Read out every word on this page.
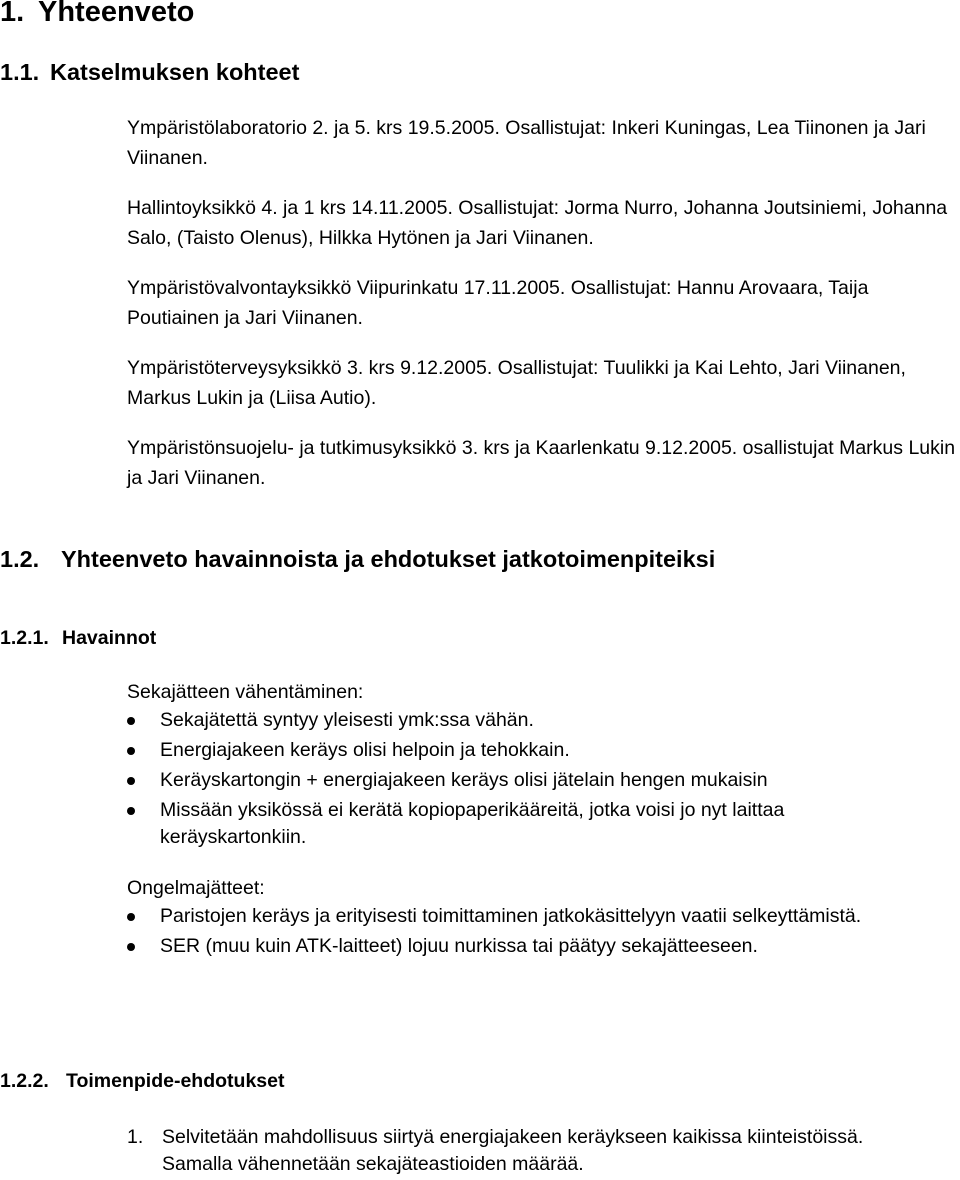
1. Yhteenveto
1.1. Katselmuksen kohteet

Ympäristölaboratorio 2. ja 5. krs 19.5.2005. Osallistujat: Inkeri Kuningas, Lea Tiinonen ja Jari Viinanen.

Hallintoyksikkö 4. ja 1 krs 14.11.2005. Osallistujat: Jorma Nurro, Johanna Joutsiniemi, Johanna Salo, (Taisto Olenus), Hilkka Hytönen ja Jari Viinanen.

Ympäristövalvontayksikkö Viipurinkatu 17.11.2005. Osallistujat: Hannu Arovaara, Taija Poutiainen ja Jari Viinanen.

Ympäristöterveysyksikkö 3. krs 9.12.2005. Osallistujat: Tuulikki ja Kai Lehto, Jari Viinanen, Markus Lukin ja (Liisa Autio).

Ympäristönsuojelu- ja tutkimusyksikkö 3. krs ja Kaarlenkatu 9.12.2005. osallistujat Markus Lukin ja Jari Viinanen.

1.2. Yhteenveto havainnoista ja ehdotukset jatkotoimenpiteiksi
1.2.1. Havainnot

Sekajätteen vähentäminen:

Sekajätettä syntyy yleisesti ymk:ssa vähän.
Energiajakeen keräys olisi helpoin ja tehokkain.
Keräyskartongin + energiajakeen keräys olisi jätelain hengen mukaisin
Missään yksikössä ei kerätä kopiopaperikääreitä, jotka voisi jo nyt laittaa keräyskartonkiin.

Ongelmajätteet:

Paristojen keräys ja erityisesti toimittaminen jatkokäsittelyyn vaatii selkeyttämistä.
SER (muu kuin ATK-laitteet) lojuu nurkissa tai päätyy sekajätteeseen.
1.2.2. Toimenpide-ehdotukset
1. Selvitetään mahdollisuus siirtyä energiajakeen keräykseen kaikissa kiinteistöissä. Samalla vähennetään sekajäteastioiden määrää.
